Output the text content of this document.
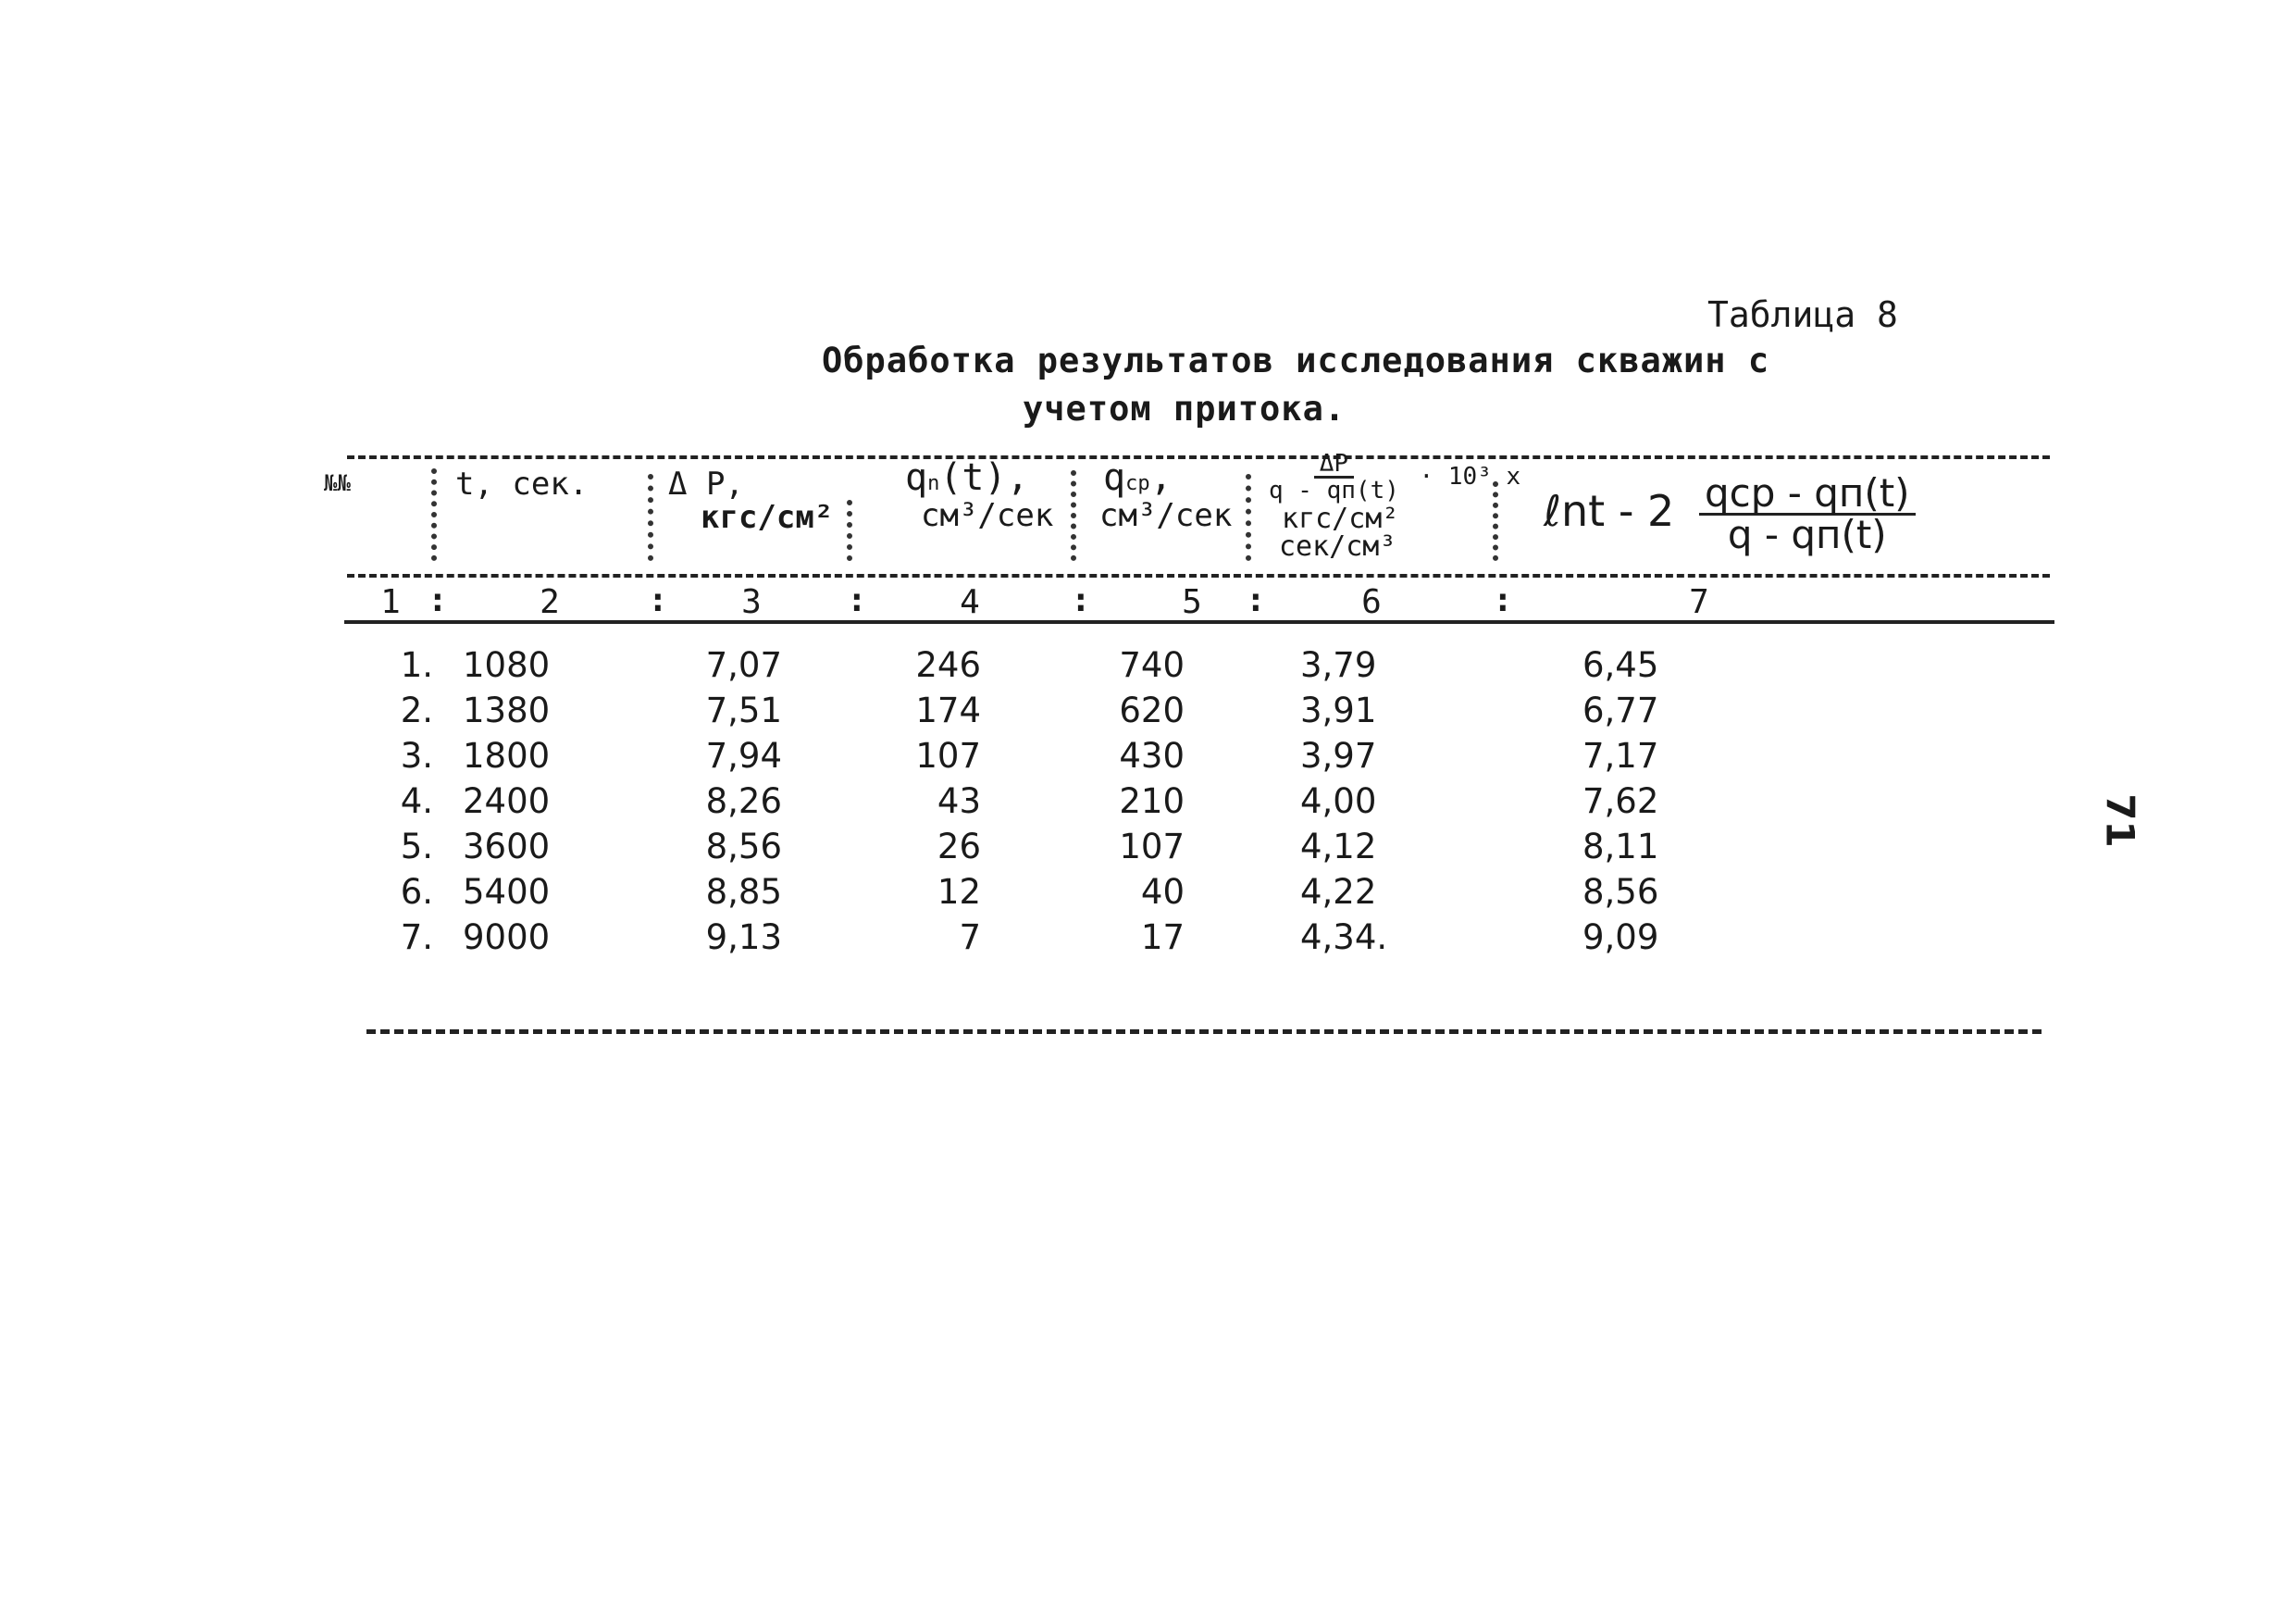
Таблица 8
Обработка результатов исследования скважин с
учетом притока.
№№	t, сек.	Δ P,
кгс/см²
qn(t),
см³/сек
qср,
см³/сек
$\frac{\Delta P}{q - qп(t)} \cdot 10^3$ х
кгс/см²
сек/см³
ℓnt - $2 \frac{\text{qср - qп(t)}}{q - qп(t)}$
1	2	3	4	5	6	7
:	:	:	:	:	:
1. 1080	7,07	246	740	3,79	6,45
2. 1380	7,51	174	620	3,91	6,77
3. 1800	7,94	107	430	3,97	7,17
4. 2400	8,26	43	210	4,00	7,62
5. 3600	8,56	26	107	4,12	8,11
6. 5400	8,85	12	40	4,22	8,56
7. 9000	9,13	7	17	4,34.	9,09
71
